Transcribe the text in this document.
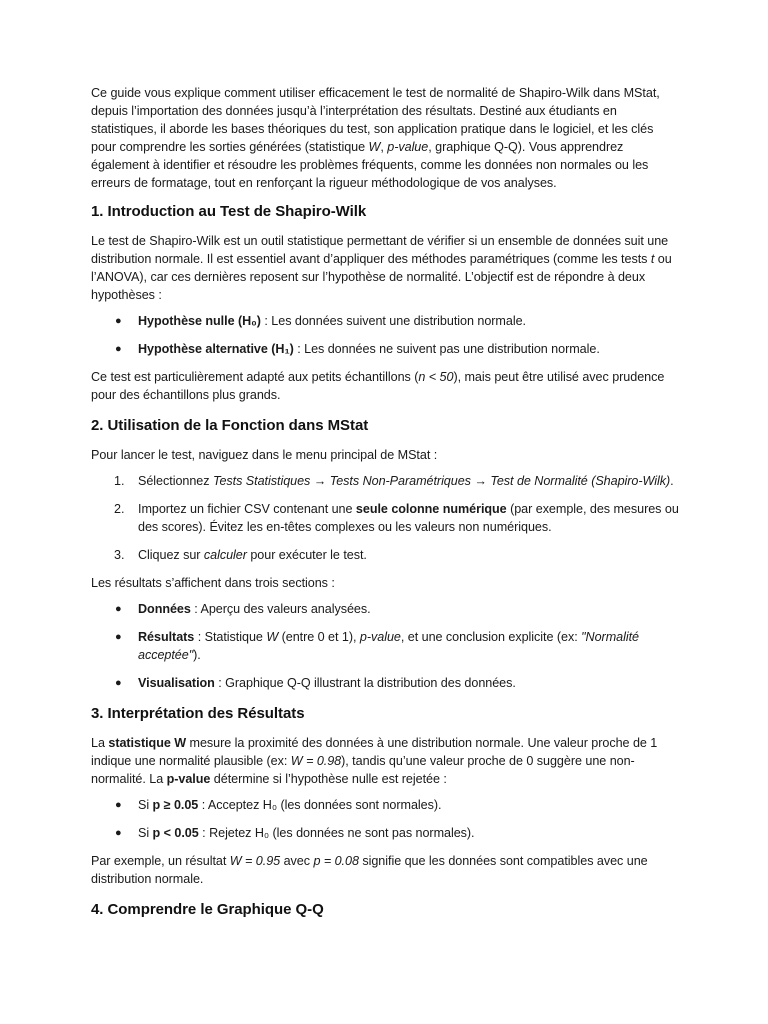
Ce guide vous explique comment utiliser efficacement le test de normalité de Shapiro-Wilk dans MStat, depuis l’importation des données jusqu’à l’interprétation des résultats. Destiné aux étudiants en statistiques, il aborde les bases théoriques du test, son application pratique dans le logiciel, et les clés pour comprendre les sorties générées (statistique W, p-value, graphique Q-Q). Vous apprendrez également à identifier et résoudre les problèmes fréquents, comme les données non normales ou les erreurs de formatage, tout en renforçant la rigueur méthodologique de vos analyses.

1. Introduction au Test de Shapiro-Wilk

Le test de Shapiro-Wilk est un outil statistique permettant de vérifier si un ensemble de données suit une distribution normale. Il est essentiel avant d’appliquer des méthodes paramétriques (comme les tests t ou l’ANOVA), car ces dernières reposent sur l’hypothèse de normalité. L’objectif est de répondre à deux hypothèses :

● Hypothèse nulle (H₀) : Les données suivent une distribution normale.
● Hypothèse alternative (H₁) : Les données ne suivent pas une distribution normale.

Ce test est particulièrement adapté aux petits échantillons (n < 50), mais peut être utilisé avec prudence pour des échantillons plus grands.

2. Utilisation de la Fonction dans MStat

Pour lancer le test, naviguez dans le menu principal de MStat :

1.	Sélectionnez Tests Statistiques → Tests Non-Paramétriques → Test de Normalité (Shapiro-Wilk).
2.	Importez un fichier CSV contenant une seule colonne numérique (par exemple, des mesures ou des scores). Évitez les en-têtes complexes ou les valeurs non numériques.
3.	Cliquez sur calculer pour exécuter le test.

Les résultats s’affichent dans trois sections :

● Données : Aperçu des valeurs analysées.
● Résultats : Statistique W (entre 0 et 1), p-value, et une conclusion explicite (ex: "Normalité acceptée").
● Visualisation : Graphique Q-Q illustrant la distribution des données.
3. Interprétation des Résultats

La statistique W mesure la proximité des données à une distribution normale. Une valeur proche de 1 indique une normalité plausible (ex: W = 0.98), tandis qu’une valeur proche de 0 suggère une non-normalité. La p-value détermine si l’hypothèse nulle est rejetée :

● Si p ≥ 0.05 : Acceptez H₀ (les données sont normales).
● Si p < 0.05 : Rejetez H₀ (les données ne sont pas normales).

Par exemple, un résultat W = 0.95 avec p = 0.08 signifie que les données sont compatibles avec une distribution normale.

4. Comprendre le Graphique Q-Q
